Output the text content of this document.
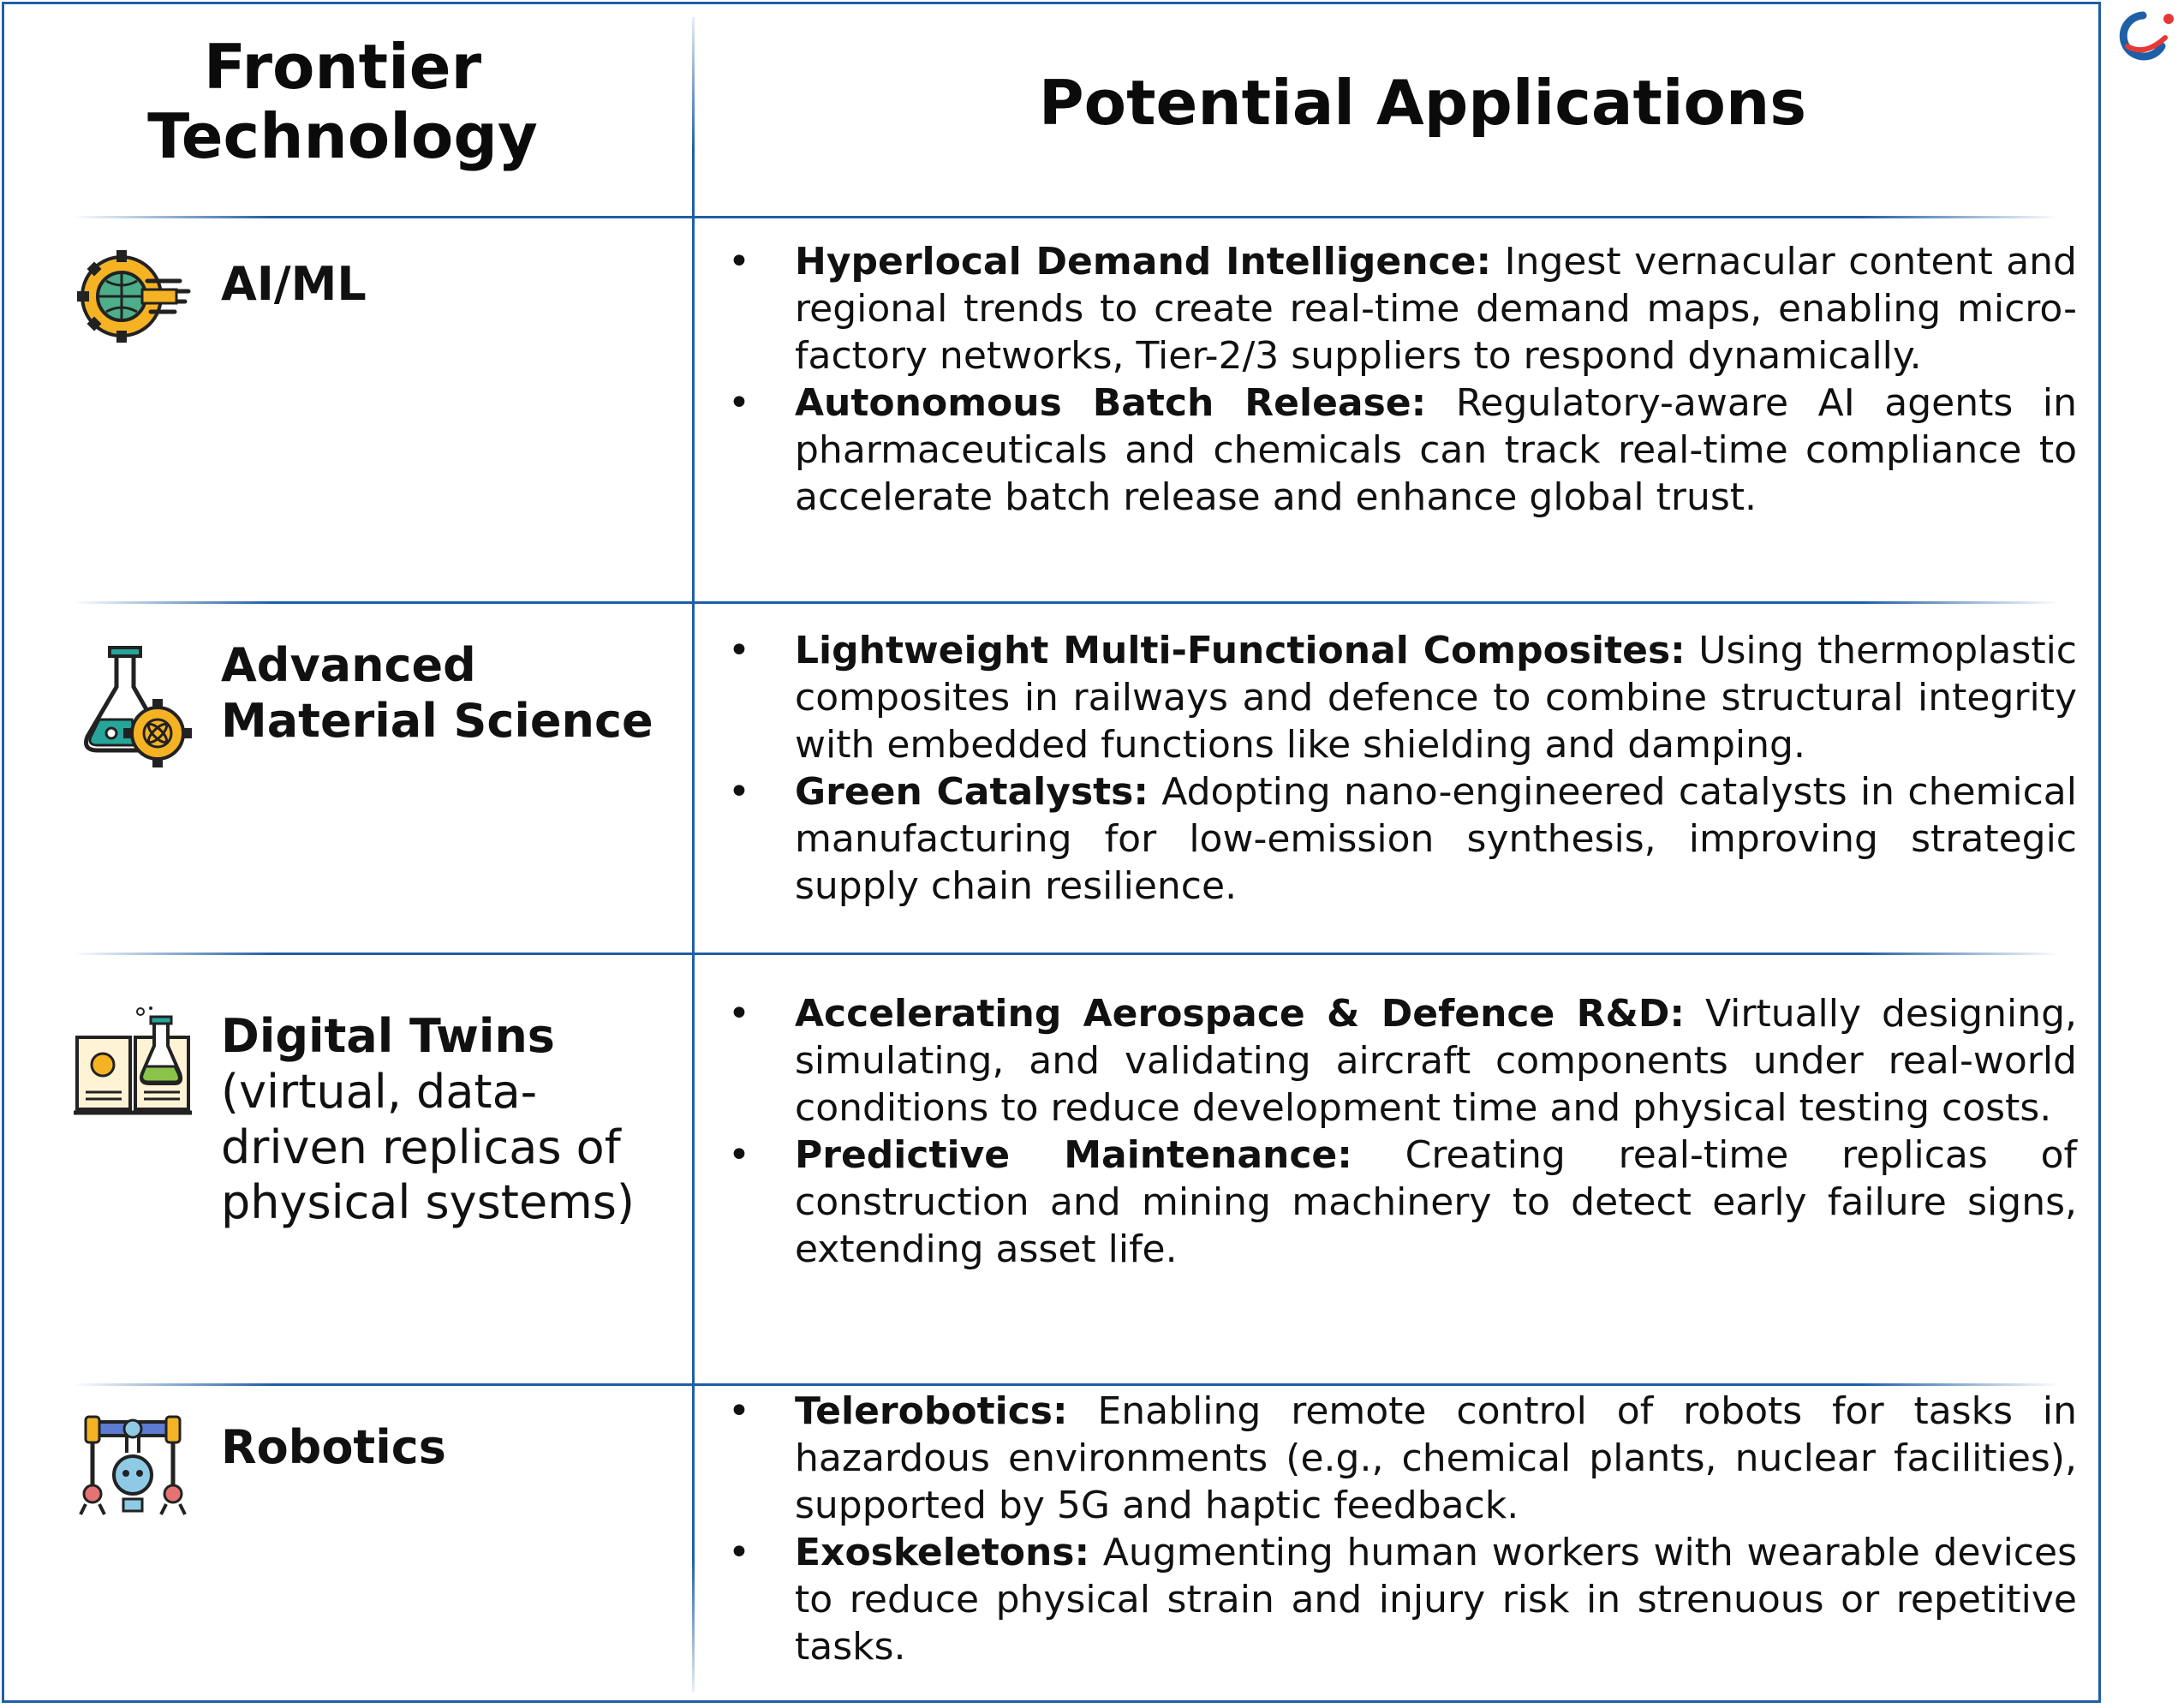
Frontier Technology	Potential Applications
AI/ML
•	Hyperlocal Demand Intelligence: Ingest vernacular content and regional trends to create real-time demand maps, enabling micro-factory networks, Tier-2/3 suppliers to respond dynamically.
• Autonomous Batch Release: Regulatory-aware AI agents in pharmaceuticals and chemicals can track real-time compliance to accelerate batch release and enhance global trust.
Advanced Material Science
• Lightweight Multi-Functional Composites: Using thermoplastic composites in railways and defence to combine structural integrity with embedded functions like shielding and damping.
• Green Catalysts: Adopting nano-engineered catalysts in chemical manufacturing for low-emission synthesis, improving strategic supply chain resilience.
Digital Twins
(virtual, data-driven replicas of physical systems)
• Accelerating Aerospace & Defence R&D: Virtually designing, simulating, and validating aircraft components under real-world conditions to reduce development time and physical testing costs.
• Predictive Maintenance: Creating real-time replicas of construction and mining machinery to detect early failure signs, extending asset life.
Robotics
• Telerobotics: Enabling remote control of robots for tasks in hazardous environments (e.g., chemical plants, nuclear facilities), supported by 5G and haptic feedback.
• Exoskeletons: Augmenting human workers with wearable devices to reduce physical strain and injury risk in strenuous or repetitive tasks.
